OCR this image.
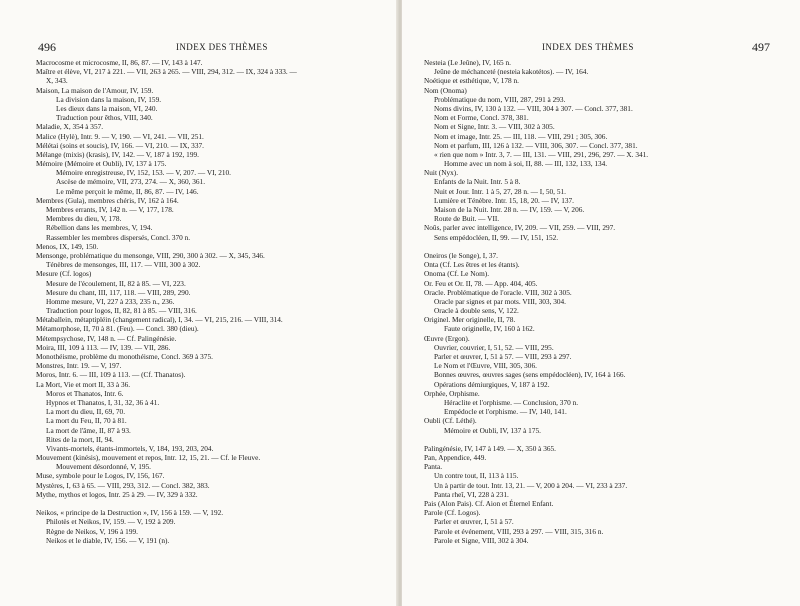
496	INDEX DES THÈMES
Macrocosme et microcosme, II, 86, 87. — IV, 143 à 147.
Maître et élève, VI, 217 à 221. — VII, 263 à 265. — VIII, 294, 312. — IX, 324 à 333. —
X, 343.
Maison, La maison de l'Amour, IV, 159.
La division dans la maison, IV, 159.
Les dieux dans la maison, VI, 240.
Traduction pour êthos, VIII, 340.
Maladie, X, 354 à 357.
Malice (Hylè), Intr. 9. — V, 190. — VI, 241. — VII, 251.
Mélétai (soins et soucis), IV, 166. — VI, 210. — IX, 337.
Mélange (mixis) (krasis), IV, 142. — V, 187 à 192, 199.
Mémoire (Mémoire et Oubli), IV, 137 à 175.
Mémoire enregistreuse, IV, 152, 153. — V, 207. — VI, 210.
Ascèse de mémoire, VII, 273, 274. — X, 360, 361.
Le même perçoit le même, II, 86, 87. — IV, 146.
Membres (Gula), membres chéris, IV, 162 à 164.
Membres errants, IV, 142 n. — V, 177, 178.
Membres du dieu, V, 178.
Rébellion dans les membres, V, 194.
Rassembler les membres dispersés, Concl. 370 n.
Menos, IX, 149, 150.
Mensonge, problématique du mensonge, VIII, 290, 300 à 302. — X, 345, 346.
Ténèbres de mensonges, III, 117. — VIII, 300 à 302.
Mesure (Cf. logos)
Mesure de l'écoulement, II, 82 à 85. — VI, 223.
Mesure du chant, III, 117, 118. — VIII, 289, 290.
Homme mesure, VI, 227 à 233, 235 n., 236.
Traduction pour logos, II, 82, 81 à 85. — VIII, 316.
Métaballein, métaptipléin (changement radical), I, 34. — VI, 215, 216. — VIII, 314.
Métamorphose, II, 70 à 81. (Feu). — Concl. 380 (dieu).
Métempsychose, IV, 148 n. — Cf. Palingénésie.
Moira, III, 109 à 113. — IV, 139. — VII, 286.
Monothéisme, problème du monothéisme, Concl. 369 à 375.
Monstres, Intr. 19. — V, 197.
Moros, Intr. 6. — III, 109 à 113. — (Cf. Thanatos).
La Mort, Vie et mort II, 33 à 36.
Moros et Thanatos, Intr. 6.
Hypnos et Thanatos, I, 31, 32, 36 à 41.
La mort du dieu, II, 69, 70.
La mort du Feu, II, 70 à 81.
La mort de l'âme, II, 87 à 93.
Rites de la mort, II, 94.
Vivants-mortels, étants-immortels, V, 184, 193, 203, 204.
Mouvement (kinésis), mouvement et repos, Intr. 12, 15, 21. — Cf. le Fleuve.
Mouvement désordonné, V, 195.
Muse, symbole pour le Logos, IV, 156, 167.
Mystères, I, 63 à 65. — VIII, 293, 312. — Concl. 382, 383.
Mythe, mythos et logos, Intr. 25 à 29. — IV, 329 à 332.
Neikos, « principe de la Destruction », IV, 156 à 159. — V, 192.
Philotès et Neikos, IV, 159. — V, 192 à 209.
Règne de Neikos, V, 196 à 199.
Neikos et le diable, IV, 156. — V, 191 (n).
INDEX DES THÈMES	497
Nesteia (Le Jeûne), IV, 165 n.
Jeûne de méchanceté (nesteia kakotétos). — IV, 164.
Noétique et esthétique, V, 178 n.
Nom (Onoma)
Problématique du nom, VIII, 287, 291 à 293.
Noms divins, IV, 130 à 132. — VIII, 304 à 307. — Concl. 377, 381.
Nom et Forme, Concl. 378, 381.
Nom et Signe, Intr. 3. — VIII, 302 à 305.
Nom et image, Intr. 25. — III, 118. — VIII, 291 ; 305, 306.
Nom et parfum, III, 126 à 132. — VIII, 306, 307. — Concl. 377, 381.
« rien que nom » Intr. 3, 7. — III, 131. — VIII, 291, 296, 297. — X. 341.
Homme avec un nom à soi, II, 88. — III, 132, 133, 134.
Nuit (Nyx).
Enfants de la Nuit. Intr. 5 à 8.
Nuit et Jour. Intr. 1 à 5, 27, 28 n. — I, 50, 51.
Lumière et Ténèbre. Intr. 15, 18, 20. — IV, 137.
Maison de la Nuit. Intr. 28 n. — IV, 159. — V, 206.
Route de Buit. — VII.
Noûs, parler avec intelligence, IV, 209. — VII, 259. — VIII, 297.
Sens empédocléen, II, 99. — IV, 151, 152.
Oneiros (le Songe), I, 37.
Onta (Cf. Les êtres et les étants).
Onoma (Cf. Le Nom).
Or. Feu et Or. II, 78. — App. 404, 405.
Oracle. Problématique de l'oracle. VIII, 302 à 305.
Oracle par signes et par mots. VIII, 303, 304.
Oracle à double sens, V, 122.
Originel. Mer originelle, II, 78.
Faute originelle, IV, 160 à 162.
Œuvre (Ergon).
Ouvrier, couvrier, I, 51, 52. — VIII, 295.
Parler et œuvrer, I, 51 à 57. — VIII, 293 à 297.
Le Nom et l'Œuvre, VIII, 305, 306.
Bonnes œuvres, œuvres sages (sens empédocléen), IV, 164 à 166.
Opérations démiurgiques, V, 187 à 192.
Orphée, Orphisme.
Héraclite et l'orphisme. — Conclusion, 370 n.
Empédocle et l'orphisme. — IV, 140, 141.
Oubli (Cf. Léthé).
Mémoire et Oubli, IV, 137 à 175.
Palingénésie, IV, 147 à 149. — X, 350 à 365.
Pan, Appendice, 449.
Panta.
Un contre tout, II, 113 à 115.
Un à partir de tout. Intr. 13, 21. — V, 200 à 204. — VI, 233 à 237.
Panta rheî, VI, 228 à 231.
Pais (Alon Pais). Cf. Aion et Éternel Enfant.
Parole (Cf. Logos).
Parler et œuvrer, I, 51 à 57.
Parole et événement, VIII, 293 à 297. — VIII, 315, 316 n.
Parole et Signe, VIII, 302 à 304.
